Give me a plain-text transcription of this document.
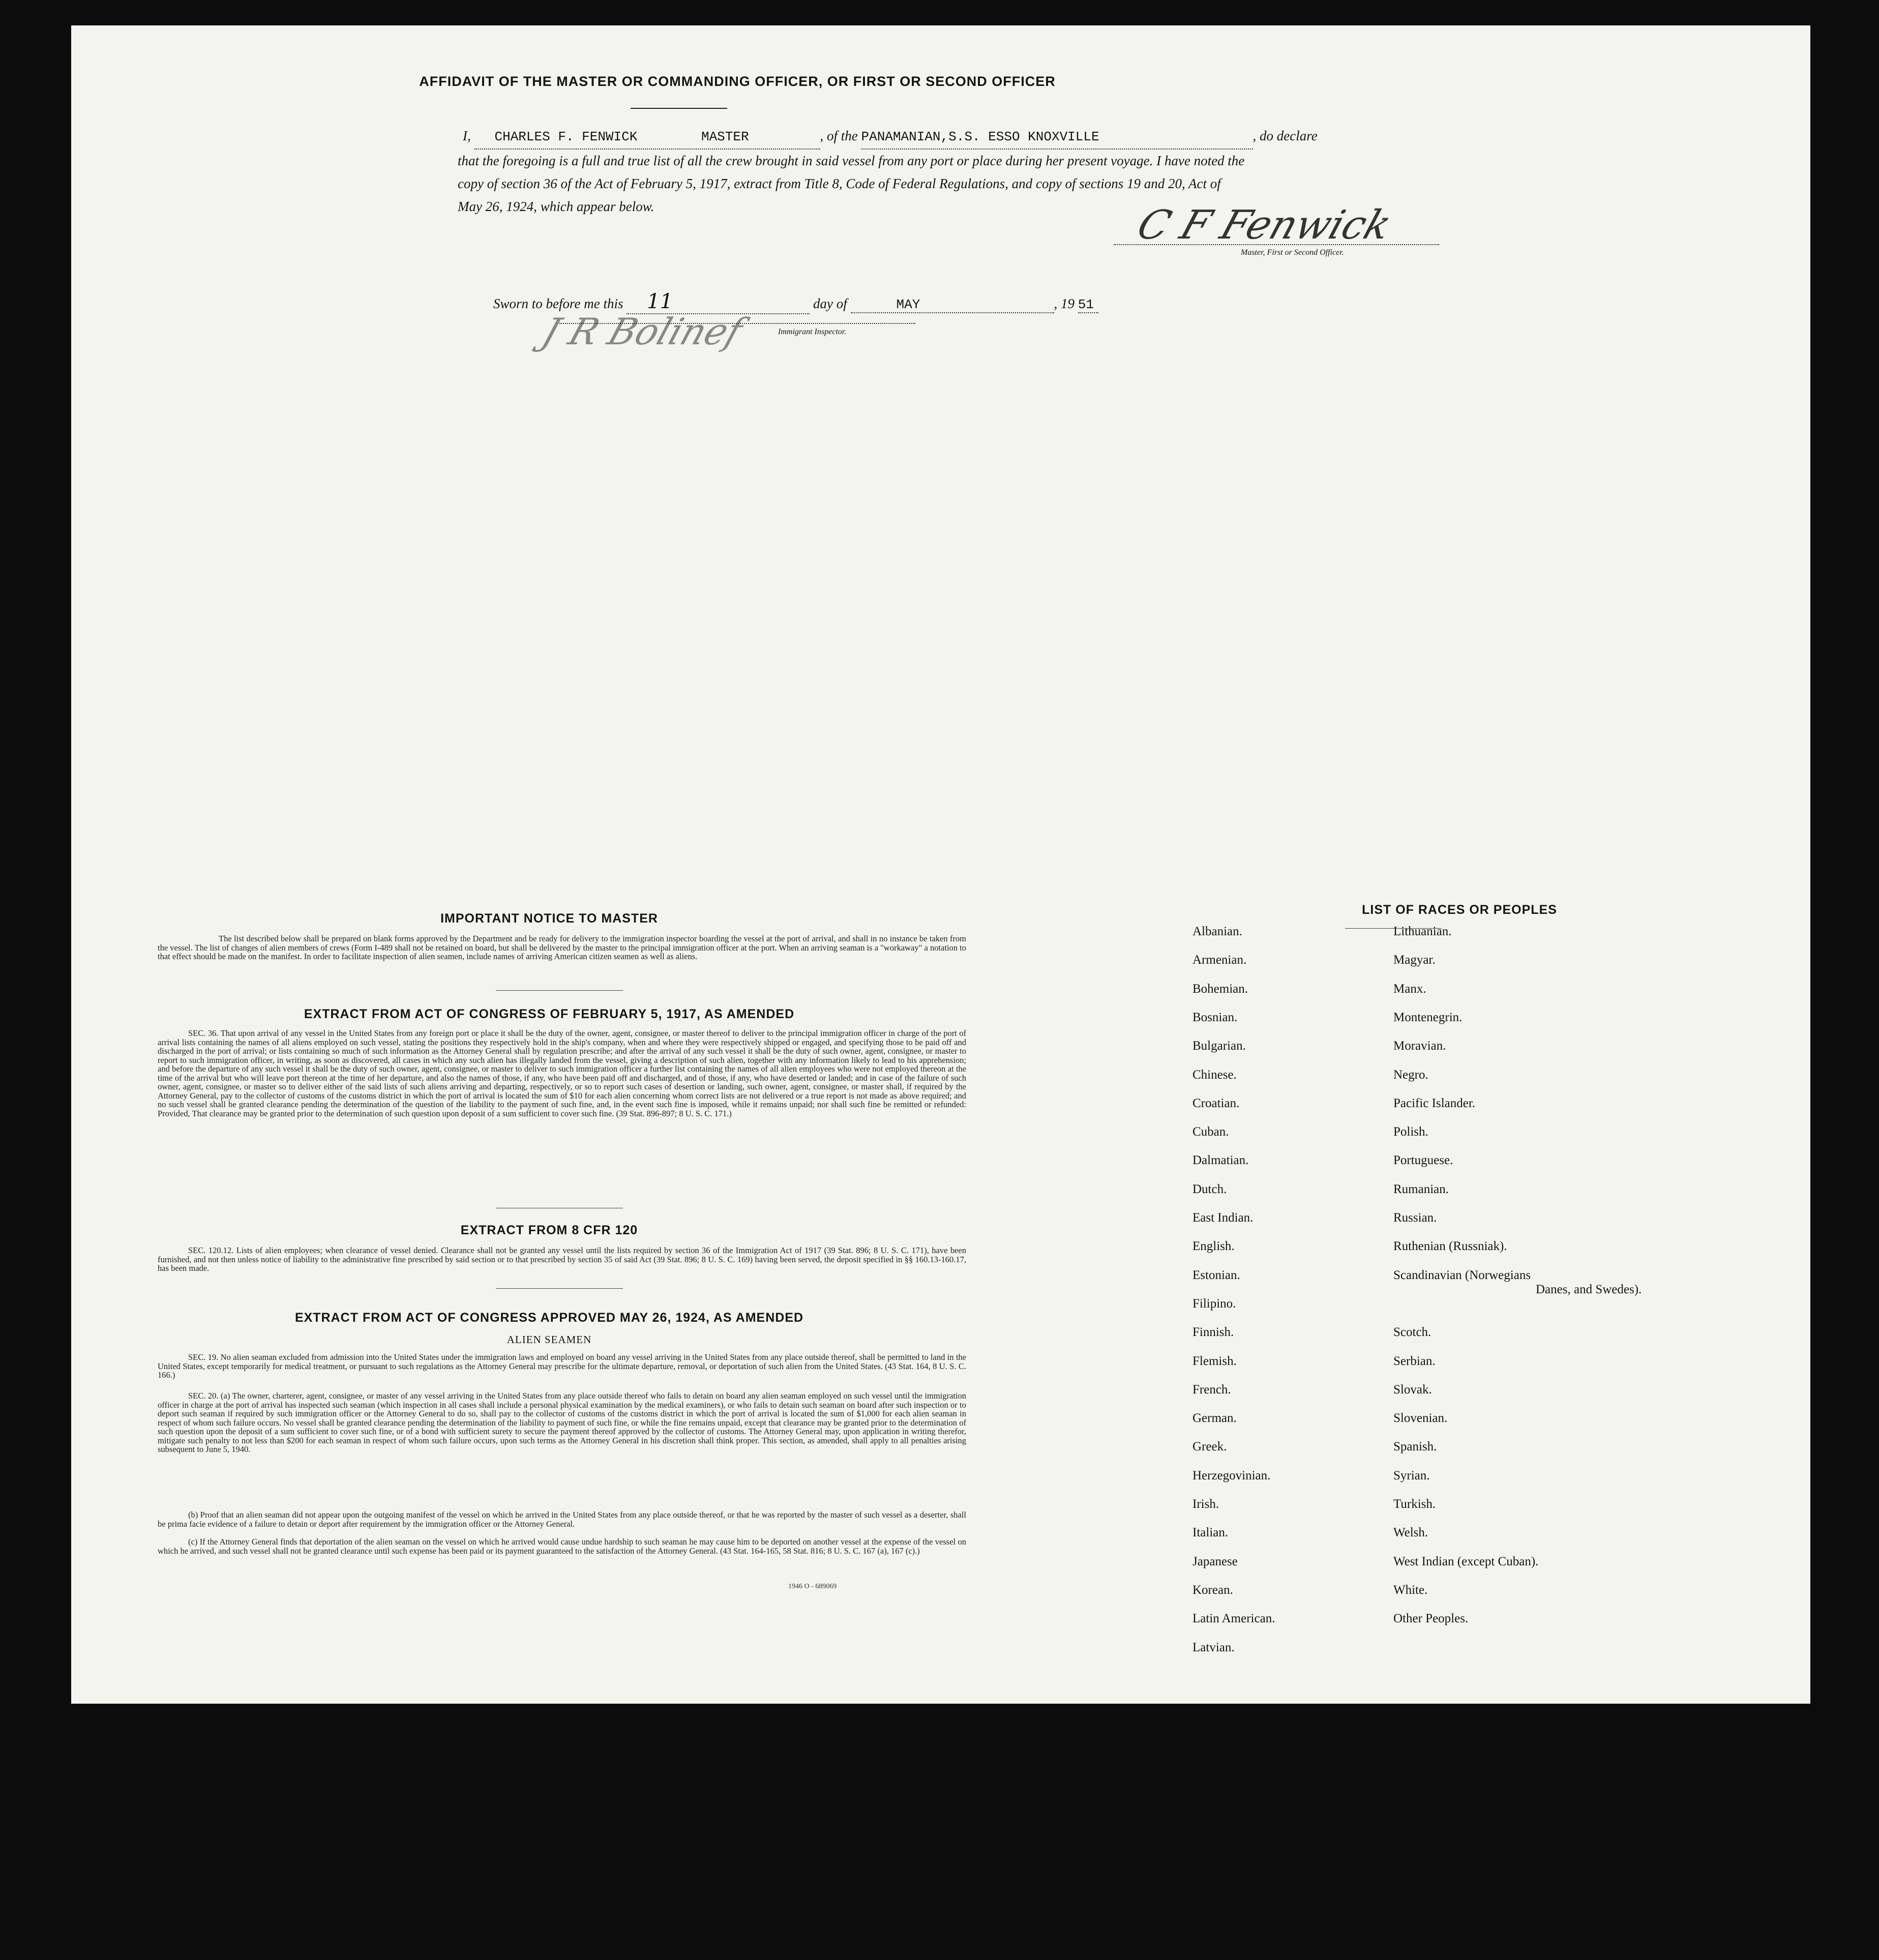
AFFIDAVIT OF THE MASTER OR COMMANDING OFFICER, OR FIRST OR SECOND OFFICER
I, CHARLES F. FENWICK	MASTER	, of the PANAMANIAN,S.S. ESSO KNOXVILLE	, do declare
that the foregoing is a full and true list of all the crew brought in said vessel from any port or place during her present voyage. I have noted the
copy of section 36 of the Act of February 5, 1917, extract from Title 8, Code of Federal Regulations, and copy of sections 19 and 20, Act of
May 26, 1924, which appear below.	C F Fenwick
Master, First or Second Officer.
Sworn to before me this 11	day of	MAY	, 19 51
J R Bolinef	Immigrant Inspector.
IMPORTANT NOTICE TO MASTER
The list described below shall be prepared on blank forms approved by the Department and be ready for delivery to the immigration inspector boarding the vessel at the port of arrival, and shall in no instance be taken from the vessel. The list of changes of alien members of crews (Form I-489 shall not be retained on board, but shall be delivered by the master to the principal immigration officer at the port. When an arriving seaman is a "workaway" a notation to that effect should be made on the manifest. In order to facilitate inspection of alien seamen, include names of arriving American citizen seamen as well as aliens.
EXTRACT FROM ACT OF CONGRESS OF FEBRUARY 5, 1917, AS AMENDED
SEC. 36. That upon arrival of any vessel in the United States from any foreign port or place it shall be the duty of the owner, agent, consignee, or master thereof to deliver to the principal immigration officer in charge of the port of arrival lists containing the names of all aliens employed on such vessel, stating the positions they respectively hold in the ship's company, when and where they were respectively shipped or engaged, and specifying those to be paid off and discharged in the port of arrival; or lists containing so much of such information as the Attorney General shall by regulation prescribe; and after the arrival of any such vessel it shall be the duty of such owner, agent, consignee, or master to report to such immigration officer, in writing, as soon as discovered, all cases in which any such alien has illegally landed from the vessel, giving a description of such alien, together with any information likely to lead to his apprehension; and before the departure of any such vessel it shall be the duty of such owner, agent, consignee, or master to deliver to such immigration officer a further list containing the names of all alien employees who were not employed thereon at the time of the arrival but who will leave port thereon at the time of her departure, and also the names of those, if any, who have been paid off and discharged, and of those, if any, who have deserted or landed; and in case of the failure of such owner, agent, consignee, or master so to deliver either of the said lists of such aliens arriving and departing, respectively, or so to report such cases of desertion or landing, such owner, agent, consignee, or master shall, if required by the Attorney General, pay to the collector of customs of the customs district in which the port of arrival is located the sum of $10 for each alien concerning whom correct lists are not delivered or a true report is not made as above required; and no such vessel shall be granted clearance pending the determination of the question of the liability to the payment of such fine, and, in the event such fine is imposed, while it remains unpaid; nor shall such fine be remitted or refunded: Provided, That clearance may be granted prior to the determination of such question upon deposit of a sum sufficient to cover such fine. (39 Stat. 896-897; 8 U. S. C. 171.)
EXTRACT FROM 8 CFR 120
SEC. 120.12. Lists of alien employees; when clearance of vessel denied. Clearance shall not be granted any vessel until the lists required by section 36 of the Immigration Act of 1917 (39 Stat. 896; 8 U. S. C. 171), have been furnished, and not then unless notice of liability to the administrative fine prescribed by said section or to that prescribed by section 35 of said Act (39 Stat. 896; 8 U. S. C. 169) having been served, the deposit specified in §§ 160.13-160.17, has been made.
EXTRACT FROM ACT OF CONGRESS APPROVED MAY 26, 1924, AS AMENDED
ALIEN SEAMEN
SEC. 19. No alien seaman excluded from admission into the United States under the immigration laws and employed on board any vessel arriving in the United States from any place outside thereof, shall be permitted to land in the United States, except temporarily for medical treatment, or pursuant to such regulations as the Attorney General may prescribe for the ultimate departure, removal, or deportation of such alien from the United States. (43 Stat. 164, 8 U. S. C. 166.)
SEC. 20. (a) The owner, charterer, agent, consignee, or master of any vessel arriving in the United States from any place outside thereof who fails to detain on board any alien seaman employed on such vessel until the immigration officer in charge at the port of arrival has inspected such seaman (which inspection in all cases shall include a personal physical examination by the medical examiners), or who fails to detain such seaman on board after such inspection or to deport such seaman if required by such immigration officer or the Attorney General to do so, shall pay to the collector of customs of the customs district in which the port of arrival is located the sum of $1,000 for each alien seaman in respect of whom such failure occurs. No vessel shall be granted clearance pending the determination of the liability to payment of such fine, or while the fine remains unpaid, except that clearance may be granted prior to the determination of such question upon the deposit of a sum sufficient to cover such fine, or of a bond with sufficient surety to secure the payment thereof approved by the collector of customs. The Attorney General may, upon application in writing therefor, mitigate such penalty to not less than $200 for each seaman in respect of whom such failure occurs, upon such terms as the Attorney General in his discretion shall think proper. This section, as amended, shall apply to all penalties arising subsequent to June 5, 1940.
(b) Proof that an alien seaman did not appear upon the outgoing manifest of the vessel on which he arrived in the United States from any place outside thereof, or that he was reported by the master of such vessel as a deserter, shall be prima facie evidence of a failure to detain or deport after requirement by the immigration officer or the Attorney General.
(c) If the Attorney General finds that deportation of the alien seaman on the vessel on which he arrived would cause undue hardship to such seaman he may cause him to be deported on another vessel at the expense of the vessel on which he arrived, and such vessel shall not be granted clearance until such expense has been paid or its payment guaranteed to the satisfaction of the Attorney General. (43 Stat. 164-165, 58 Stat. 816; 8 U. S. C. 167 (a), 167 (c).)
1946 O - 689069
LIST OF RACES OR PEOPLES
Danes, and Swedes).
Albanian.
Armenian.
Bohemian.
Bosnian.
Bulgarian.
Chinese.
Croatian.
Cuban.
Dalmatian.
Dutch.
East Indian.
English.
Estonian.
Filipino.
Finnish.
Flemish.
French.
German.
Greek.
Herzegovinian.
Irish.
Italian.
Japanese
Korean.
Latin American.
Latvian.
Lithuanian.
Magyar.
Manx.
Montenegrin.
Moravian.
Negro.
Pacific Islander.
Polish.
Portuguese.
Rumanian.
Russian.
Ruthenian (Russniak).
Scandinavian (Norwegians
Scotch.
Serbian.
Slovak.
Slovenian.
Spanish.
Syrian.
Turkish.
Welsh.
West Indian (except Cuban).
White.
Other Peoples.
